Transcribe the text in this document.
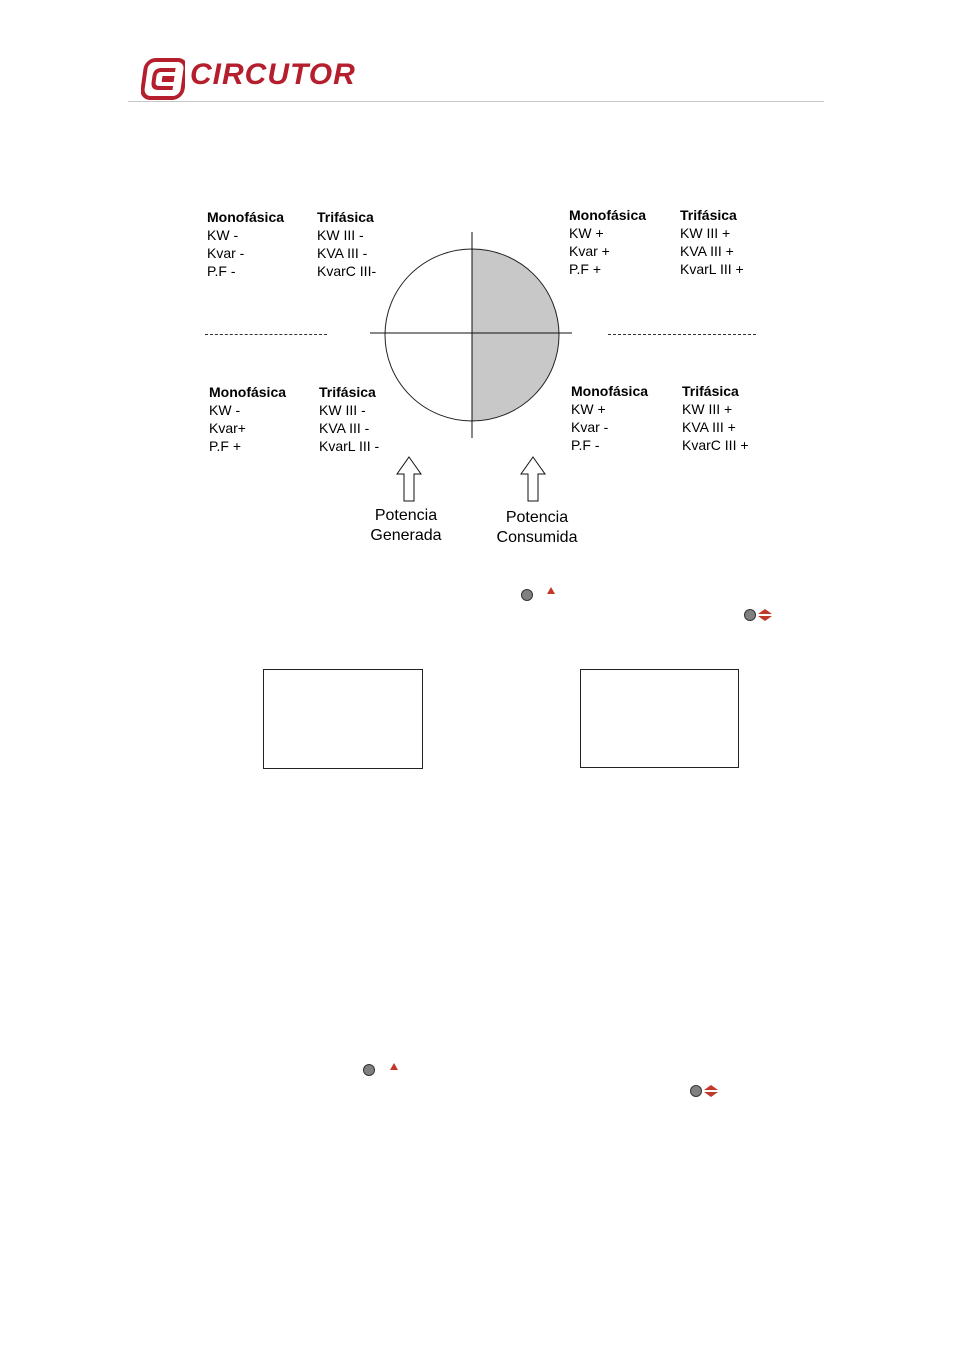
CIRCUTOR
Monofásica
KW -
Kvar -
P.F -
Trifásica
KW III -
KVA III -
KvarC III-
Monofásica
KW +
Kvar +
P.F +
Trifásica
KW III +
KVA III +
KvarL III +
Monofásica
KW -
Kvar+
P.F +
Trifásica
KW III -
KVA III -
KvarL III -
Monofásica
KW +
Kvar -
P.F -
Trifásica
KW III +
KVA III +
KvarC III +
Potencia
Generada
Potencia
Consumida
